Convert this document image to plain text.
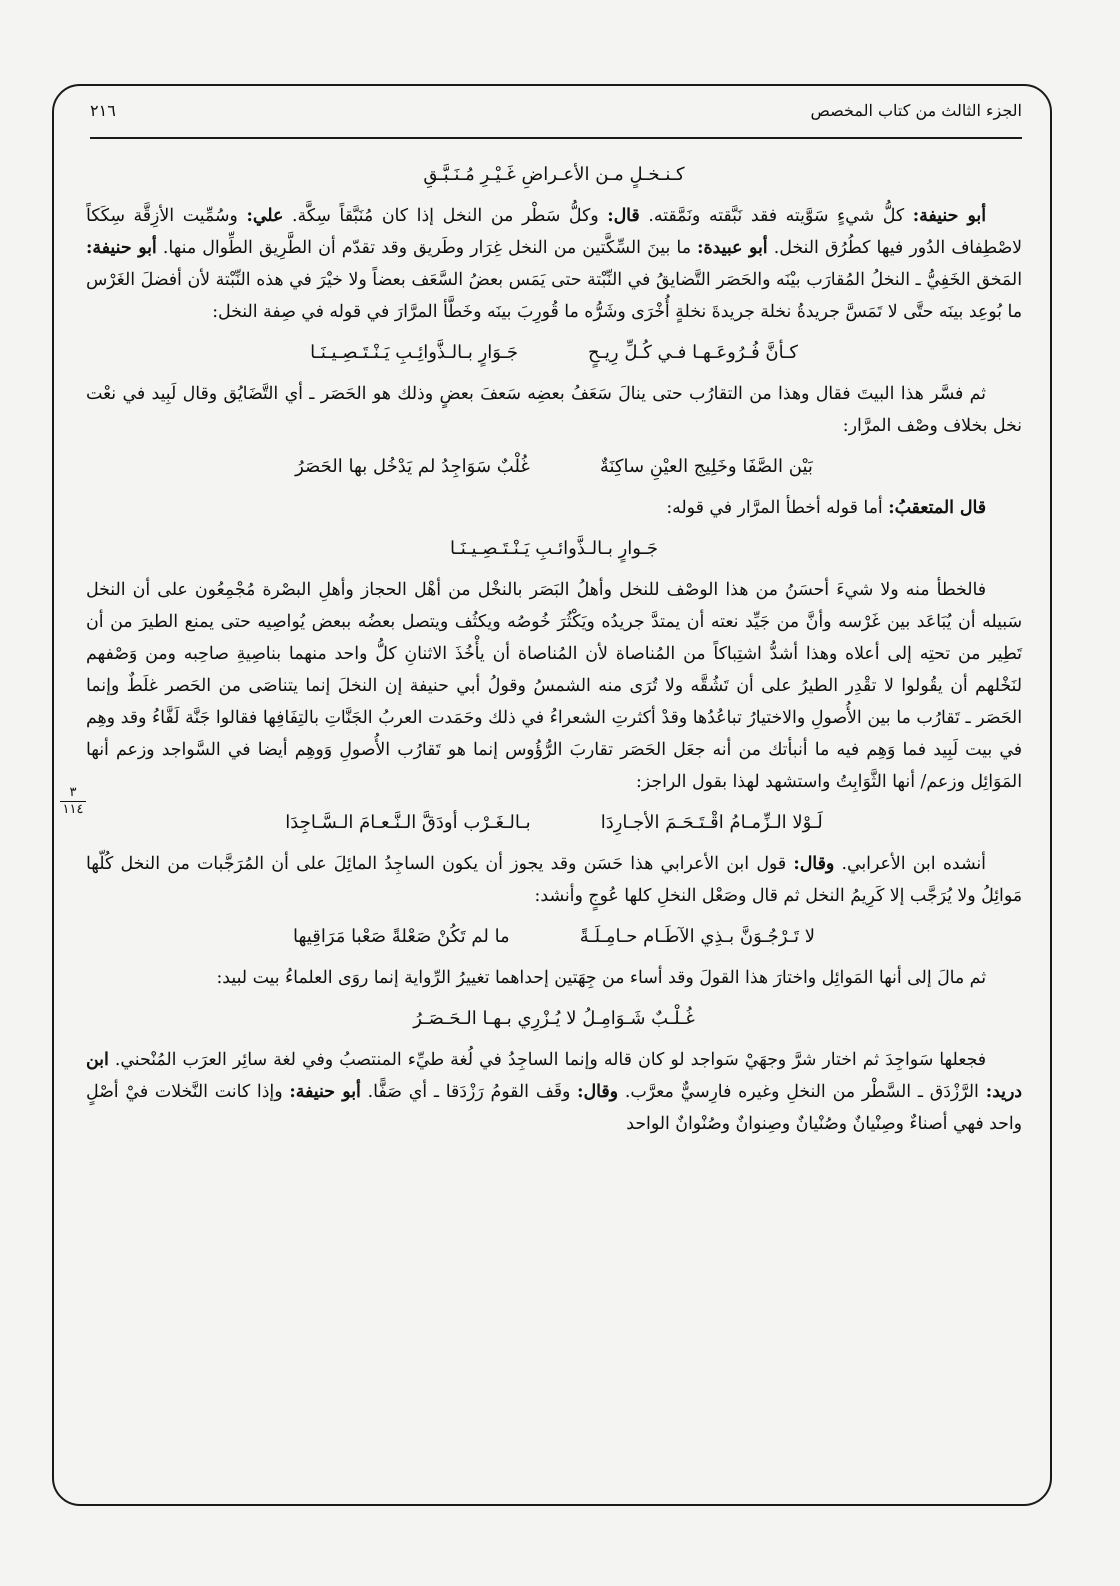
الجزء الثالث من كتاب المخصص
٢١٦
٣
١١٤
كـنـخـلٍ مـن الأعـراضِ غَـيْـرِ مُـنَـبَّـقِ

أبو حنيفة: كلُّ شيءٍ سَوَّيته فقد نَبَّقته ونَمَّقته. قال: وكلُّ سَطْر من النخل إذا كان مُنَبَّقاً سِكَّة. علي: وسُمِّيت الأزِقَّة سِكَكاً لاصْطِفاف الدُور فيها كطُرُق النخل. أبو عبيدة: ما بينَ السِّكَّتين من النخل غِرَار وطَريق وقد تقدّم أن الطَّرِيق الطِّوال منها. أبو حنيفة: المَخق الخَفِيُّ ـ النخلُ المُقارَب بيْنَه والحَصَر التَّضايقُ في النِّبْتة حتى يَمَس بعضُ السَّعَف بعضاً ولا خيْرَ في هذه النِّبْتة لأن أفضلَ الغَرْس ما بُوعِد بينَه حتَّى لا تَمَسَّ جريدةُ نخلة جريدةَ نخلةٍ أُخْرَى وشَرُّه ما قُورِبَ بينَه وخَطَّأ المرَّارَ في قوله في صِفة النخل:

كـأنَّ فُـرُوعَـهـا فـي كُـلِّ رِيـحٍ
جَـوَارٍ بـالـذَّوائِـبِ يَـنْـتَـصِـيـنَـا

ثم فسَّر هذا البيتَ فقال وهذا من التقارُب حتى ينالَ سَعَفُ بعضِه سَعفَ بعضٍ وذلك هو الحَصَر ـ أي التَّضَايُق وقال لَبِيد في نعْت نخل بخلاف وصْف المرَّار:

بَيْن الصَّفَا وخَلِيج العيْنِ ساكِنَةٌ
غُلْبٌ سَوَاجِدُ لم يَدْخُل بها الحَصَرُ

قال المتعقبُ: أما قوله أخطأ المرَّار في قوله:

جَـوارٍ بـالـذَّوائـبِ يَـنْـتَـصِـيـنَـا

فالخطأ منه ولا شيءَ أحسَنُ من هذا الوصْف للنخل وأهلُ البَصَر بالنخْل من أهْل الحجاز وأهلِ البصْرة مُجْمِعُون على أن النخل سَبيله أن يُبَاعَد بين غَرْسه وأنَّ من جَيِّد نعته أن يمتدَّ جريدُه ويَكْثُرَ خُوصُه ويكثُف ويتصل بعضُه ببعض يُواصِيه حتى يمنع الطيرَ من أن تَطِير من تحتِه إلى أعلاه وهذا أشدُّ اشتِباكاً من المُناصاة لأن المُناصاة أن يأْخُذَ الاثنانِ كلُّ واحد منهما بناصِيةِ صاحِبه ومن وَصْفهم لنَخْلهم أن يقُولوا لا تقْدِر الطيرُ على أن تَشُقَّه ولا تُرَى منه الشمسُ وقولُ أبي حنيفة إن النخلَ إنما يتناصَى من الحَصر غلَطٌ وإنما الحَصَر ـ تَقارُب ما بين الأُصولِ والاختيارُ تباعُدُها وقدْ أكثرتِ الشعراءُ في ذلك وحَمَدت العربُ الجَنَّاتِ بالتِفَافِها فقالوا جَنَّة لَفَّاءُ وقد وهِم في بيت لَبِيد فما وَهِم فيه ما أنبأتك من أنه جعَل الحَصَر تقاربَ الرُّؤُوس إنما هو تَقارُب الأُصولِ وَوهِم أيضا في السَّواجد وزعم أنها المَوَائِل وزعم/ أنها الثَّوَابِتُ واستشهد لهذا بقول الراجز:

لَـوْلا الـزِّمـامُ اقْـتَـحَـمَ الأجـارِدَا
بـالـغَـرْب أودَقَّ الـنَّـعـامَ الـسَّـاجِدَا

أنشده ابن الأعرابي. وقال: قول ابن الأعرابي هذا حَسَن وقد يجوز أن يكون الساجِدُ المائِلَ على أن المُرَجَّبات من النخل كُلّها مَوائِلُ ولا يُرَجَّب إلا كَرِيمُ النخل ثم قال وصَعْل النخلِ كلها عُوجٍ وأنشد:

لا تَـرْجُـوَنَّ بـذِي الآطَـام حـامِـلَـةً
ما لم تَكُنْ صَعْلةً صَعْبا مَرَاقِيها

ثم مالَ إلى أنها المَوائِل واختارَ هذا القولَ وقد أساء من جِهَتين إحداهما تغييرُ الرِّواية إنما روَى العلماءُ بيت لبيد:

غُـلْـبٌ شَـوَامِـلُ لا يُـزْرِي بـهـا الـحَـصَـرُ

فجعلها سَواجِدَ ثم اختار شرَّ وجهَيْ سَواجد لو كان قاله وإنما الساجِدُ في لُغة طيِّء المنتصبُ وفي لغة سائِر العرَب المُنْحني. ابن دريد: الرَّزْدَق ـ السَّطْر من النخلِ وغيره فارِسيٌّ معرَّب. وقال: وقَف القومُ رَزْدَقا ـ أي صَفًّا. أبو حنيفة: وإذا كانت النَّخلات فيْ أصْلٍ واحد فهي أصناءٌ وصِنْيانٌ وصُنْيانٌ وصِنوانٌ وصُنْوانٌ الواحد
